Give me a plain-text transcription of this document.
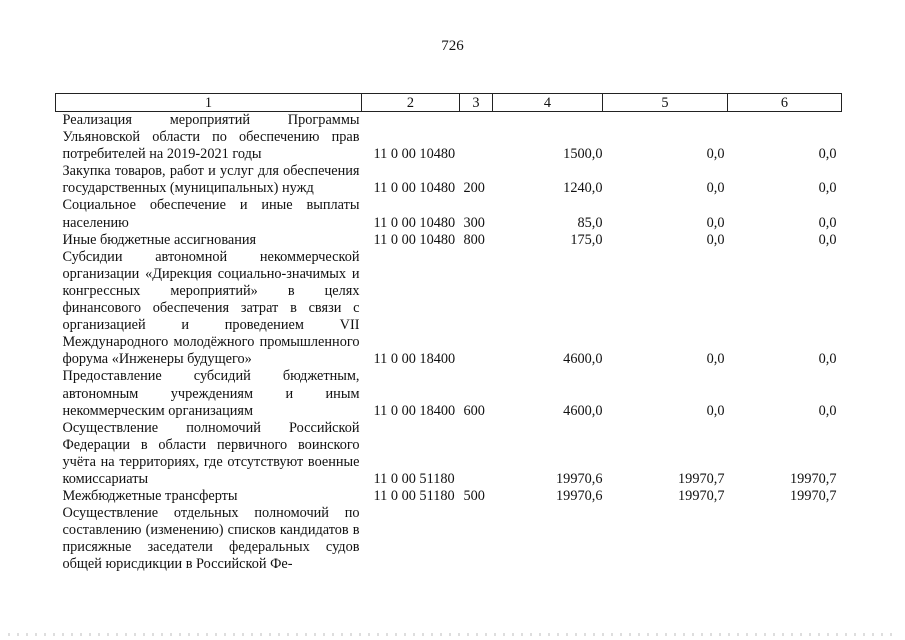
726
1	2	3	4	5	6
Реализация мероприятий Программы Ульяновской области по обеспечению прав потребителей на 2019-2021 годы	11 0 00 10480		1500,0	0,0	0,0
Закупка товаров, работ и услуг для обеспечения государственных (муниципальных) нужд	11 0 00 10480	200	1240,0	0,0	0,0
Социальное обеспечение и иные выплаты населению	11 0 00 10480	300	85,0	0,0	0,0
Иные бюджетные ассигнования	11 0 00 10480	800	175,0	0,0	0,0
Субсидии автономной некоммерческой организации «Дирекция социально-значимых и конгрессных мероприятий» в целях финансового обеспечения затрат в связи с организацией и проведением VII Международного молодёжного промышленного форума «Инженеры будущего»	11 0 00 18400		4600,0	0,0	0,0
Предоставление субсидий бюджетным, автономным учреждениям и иным некоммерческим организациям	11 0 00 18400	600	4600,0	0,0	0,0
Осуществление полномочий Российской Федерации в области первичного воинского учёта на территориях, где отсутствуют военные комиссариаты	11 0 00 51180		19970,6	19970,7	19970,7
Межбюджетные трансферты	11 0 00 51180	500	19970,6	19970,7	19970,7
Осуществление отдельных полномочий по составлению (изменению) списков кандидатов в присяжные заседатели федеральных судов общей юрисдикции в Российской Фе-					
